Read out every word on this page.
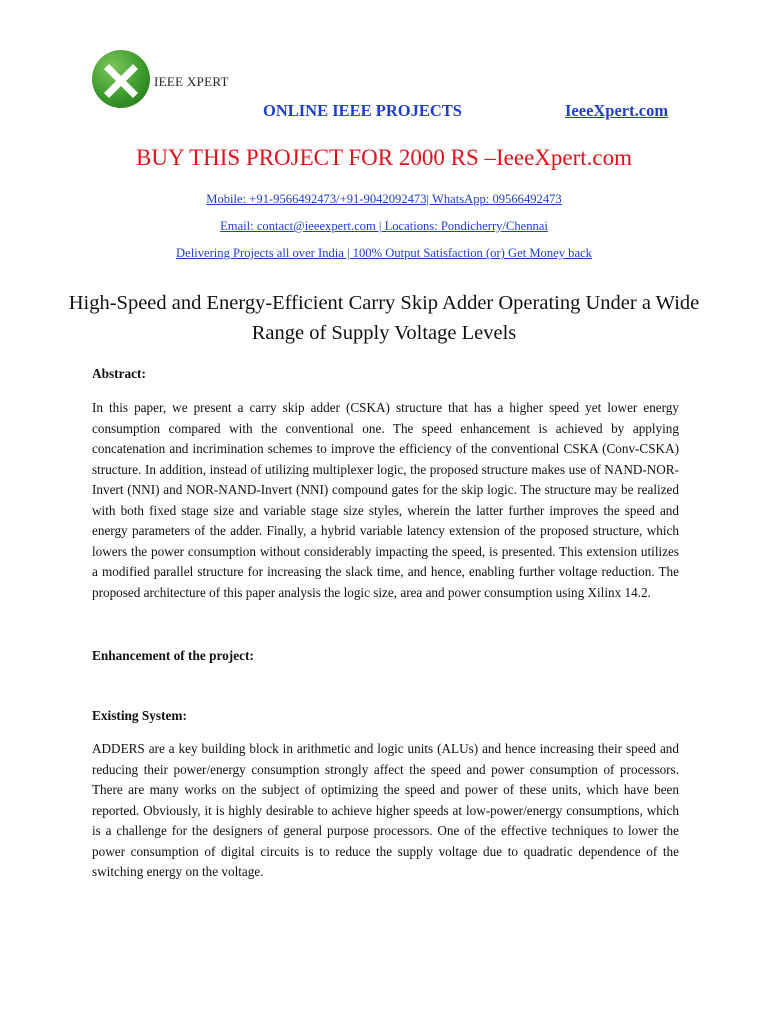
IEEE XPERT
ONLINE IEEE PROJECTS	IeeeXpert.com
BUY THIS PROJECT FOR 2000 RS –IeeeXpert.com
Mobile: +91-9566492473/+91-9042092473| WhatsApp: 09566492473
Email: contact@ieeexpert.com | Locations: Pondicherry/Chennai
Delivering Projects all over India | 100% Output Satisfaction (or) Get Money back
High-Speed and Energy-Efficient Carry Skip Adder Operating Under a Wide Range of Supply Voltage Levels
Abstract:
In this paper, we present a carry skip adder (CSKA) structure that has a higher speed yet lower energy consumption compared with the conventional one. The speed enhancement is achieved by applying concatenation and incrimination schemes to improve the efficiency of the conventional CSKA (Conv-CSKA) structure. In addition, instead of utilizing multiplexer logic, the proposed structure makes use of NAND-NOR-Invert (NNI) and NOR-NAND-Invert (NNI) compound gates for the skip logic. The structure may be realized with both fixed stage size and variable stage size styles, wherein the latter further improves the speed and energy parameters of the adder. Finally, a hybrid variable latency extension of the proposed structure, which lowers the power consumption without considerably impacting the speed, is presented. This extension utilizes a modified parallel structure for increasing the slack time, and hence, enabling further voltage reduction. The proposed architecture of this paper analysis the logic size, area and power consumption using Xilinx 14.2.
Enhancement of the project:
Existing System:
ADDERS are a key building block in arithmetic and logic units (ALUs) and hence increasing their speed and reducing their power/energy consumption strongly affect the speed and power consumption of processors. There are many works on the subject of optimizing the speed and power of these units, which have been reported. Obviously, it is highly desirable to achieve higher speeds at low-power/energy consumptions, which is a challenge for the designers of general purpose processors. One of the effective techniques to lower the power consumption of digital circuits is to reduce the supply voltage due to quadratic dependence of the switching energy on the voltage.
